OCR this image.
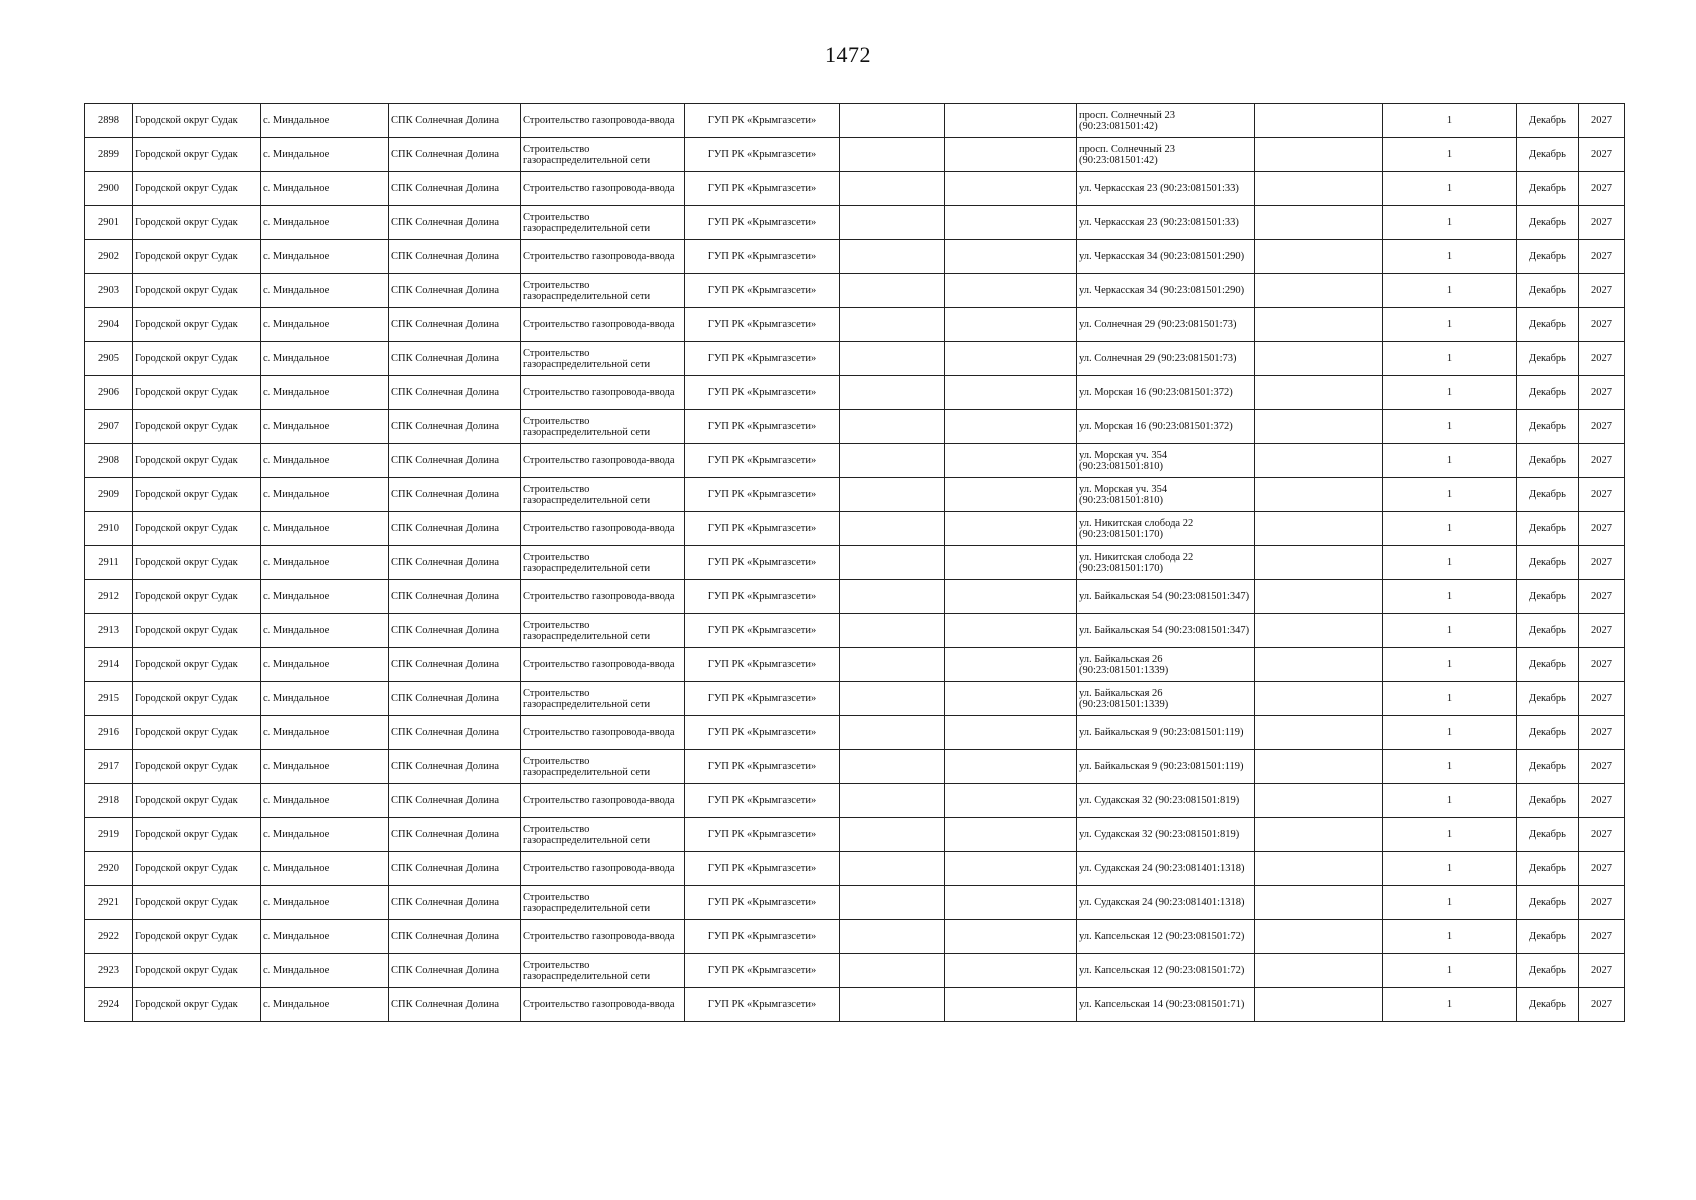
1472
2898	Городской округ Судак	с. Миндальное	СПК Солнечная Долина	Строительство газопровода-ввода	ГУП РК «Крымгазсети»			просп. Солнечный 23 (90:23:081501:42)		1	Декабрь	2027
2899	Городской округ Судак	с. Миндальное	СПК Солнечная Долина	Строительство газораспределительной сети	ГУП РК «Крымгазсети»			просп. Солнечный 23 (90:23:081501:42)		1	Декабрь	2027
2900	Городской округ Судак	с. Миндальное	СПК Солнечная Долина	Строительство газопровода-ввода	ГУП РК «Крымгазсети»			ул. Черкасская 23 (90:23:081501:33)		1	Декабрь	2027
2901	Городской округ Судак	с. Миндальное	СПК Солнечная Долина	Строительство газораспределительной сети	ГУП РК «Крымгазсети»			ул. Черкасская 23 (90:23:081501:33)		1	Декабрь	2027
2902	Городской округ Судак	с. Миндальное	СПК Солнечная Долина	Строительство газопровода-ввода	ГУП РК «Крымгазсети»			ул. Черкасская 34 (90:23:081501:290)		1	Декабрь	2027
2903	Городской округ Судак	с. Миндальное	СПК Солнечная Долина	Строительство газораспределительной сети	ГУП РК «Крымгазсети»			ул. Черкасская 34 (90:23:081501:290)		1	Декабрь	2027
2904	Городской округ Судак	с. Миндальное	СПК Солнечная Долина	Строительство газопровода-ввода	ГУП РК «Крымгазсети»			ул. Солнечная 29 (90:23:081501:73)		1	Декабрь	2027
2905	Городской округ Судак	с. Миндальное	СПК Солнечная Долина	Строительство газораспределительной сети	ГУП РК «Крымгазсети»			ул. Солнечная 29 (90:23:081501:73)		1	Декабрь	2027
2906	Городской округ Судак	с. Миндальное	СПК Солнечная Долина	Строительство газопровода-ввода	ГУП РК «Крымгазсети»			ул. Морская 16 (90:23:081501:372)		1	Декабрь	2027
2907	Городской округ Судак	с. Миндальное	СПК Солнечная Долина	Строительство газораспределительной сети	ГУП РК «Крымгазсети»			ул. Морская 16 (90:23:081501:372)		1	Декабрь	2027
2908	Городской округ Судак	с. Миндальное	СПК Солнечная Долина	Строительство газопровода-ввода	ГУП РК «Крымгазсети»			ул. Морская уч. 354 (90:23:081501:810)		1	Декабрь	2027
2909	Городской округ Судак	с. Миндальное	СПК Солнечная Долина	Строительство газораспределительной сети	ГУП РК «Крымгазсети»			ул. Морская уч. 354 (90:23:081501:810)		1	Декабрь	2027
2910	Городской округ Судак	с. Миндальное	СПК Солнечная Долина	Строительство газопровода-ввода	ГУП РК «Крымгазсети»			ул. Никитская слобода 22 (90:23:081501:170)		1	Декабрь	2027
2911	Городской округ Судак	с. Миндальное	СПК Солнечная Долина	Строительство газораспределительной сети	ГУП РК «Крымгазсети»			ул. Никитская слобода 22 (90:23:081501:170)		1	Декабрь	2027
2912	Городской округ Судак	с. Миндальное	СПК Солнечная Долина	Строительство газопровода-ввода	ГУП РК «Крымгазсети»			ул. Байкальская 54 (90:23:081501:347)		1	Декабрь	2027
2913	Городской округ Судак	с. Миндальное	СПК Солнечная Долина	Строительство газораспределительной сети	ГУП РК «Крымгазсети»			ул. Байкальская 54 (90:23:081501:347)		1	Декабрь	2027
2914	Городской округ Судак	с. Миндальное	СПК Солнечная Долина	Строительство газопровода-ввода	ГУП РК «Крымгазсети»			ул. Байкальская 26 (90:23:081501:1339)		1	Декабрь	2027
2915	Городской округ Судак	с. Миндальное	СПК Солнечная Долина	Строительство газораспределительной сети	ГУП РК «Крымгазсети»			ул. Байкальская 26 (90:23:081501:1339)		1	Декабрь	2027
2916	Городской округ Судак	с. Миндальное	СПК Солнечная Долина	Строительство газопровода-ввода	ГУП РК «Крымгазсети»			ул. Байкальская 9 (90:23:081501:119)		1	Декабрь	2027
2917	Городской округ Судак	с. Миндальное	СПК Солнечная Долина	Строительство газораспределительной сети	ГУП РК «Крымгазсети»			ул. Байкальская 9 (90:23:081501:119)		1	Декабрь	2027
2918	Городской округ Судак	с. Миндальное	СПК Солнечная Долина	Строительство газопровода-ввода	ГУП РК «Крымгазсети»			ул. Судакская 32 (90:23:081501:819)		1	Декабрь	2027
2919	Городской округ Судак	с. Миндальное	СПК Солнечная Долина	Строительство газораспределительной сети	ГУП РК «Крымгазсети»			ул. Судакская 32 (90:23:081501:819)		1	Декабрь	2027
2920	Городской округ Судак	с. Миндальное	СПК Солнечная Долина	Строительство газопровода-ввода	ГУП РК «Крымгазсети»			ул. Судакская 24 (90:23:081401:1318)		1	Декабрь	2027
2921	Городской округ Судак	с. Миндальное	СПК Солнечная Долина	Строительство газораспределительной сети	ГУП РК «Крымгазсети»			ул. Судакская 24 (90:23:081401:1318)		1	Декабрь	2027
2922	Городской округ Судак	с. Миндальное	СПК Солнечная Долина	Строительство газопровода-ввода	ГУП РК «Крымгазсети»			ул. Капсельская 12 (90:23:081501:72)		1	Декабрь	2027
2923	Городской округ Судак	с. Миндальное	СПК Солнечная Долина	Строительство газораспределительной сети	ГУП РК «Крымгазсети»			ул. Капсельская 12 (90:23:081501:72)		1	Декабрь	2027
2924	Городской округ Судак	с. Миндальное	СПК Солнечная Долина	Строительство газопровода-ввода	ГУП РК «Крымгазсети»			ул. Капсельская 14 (90:23:081501:71)		1	Декабрь	2027
